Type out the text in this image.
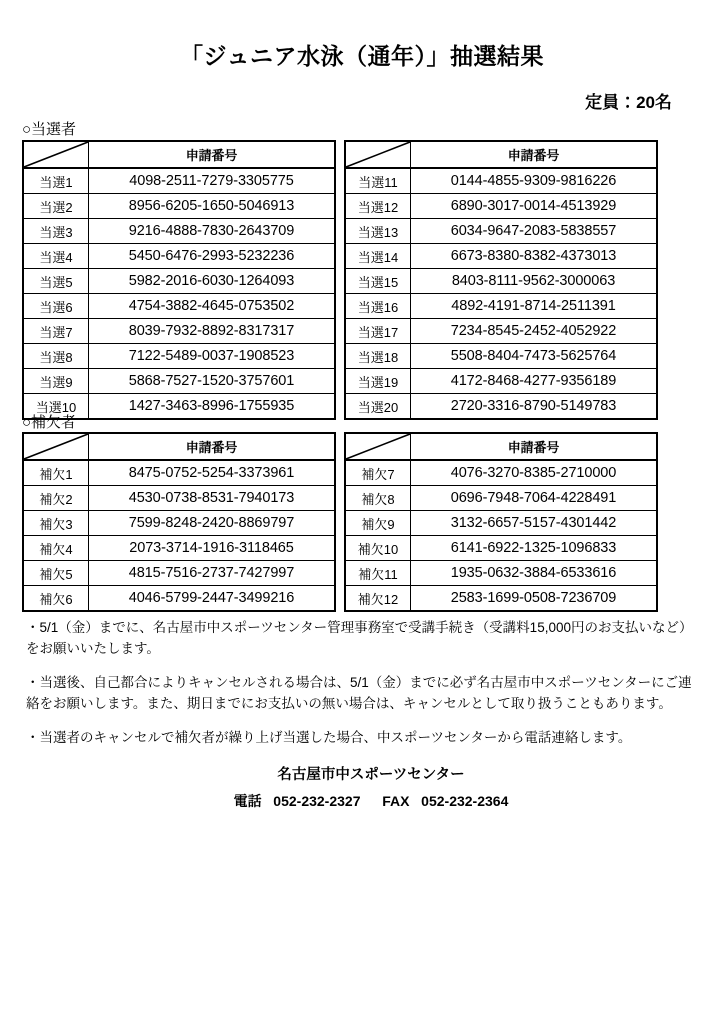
「ジュニア水泳（通年）」抽選結果
定員：20名
○当選者
	申請番号
当選1	4098-2511-7279-3305775
当選2	8956-6205-1650-5046913
当選3	9216-4888-7830-2643709
当選4	5450-6476-2993-5232236
当選5	5982-2016-6030-1264093
当選6	4754-3882-4645-0753502
当選7	8039-7932-8892-8317317
当選8	7122-5489-0037-1908523
当選9	5868-7527-1520-3757601
当選10	1427-3463-8996-1755935
	申請番号
当選11	0144-4855-9309-9816226
当選12	6890-3017-0014-4513929
当選13	6034-9647-2083-5838557
当選14	6673-8380-8382-4373013
当選15	8403-8111-9562-3000063
当選16	4892-4191-8714-2511391
当選17	7234-8545-2452-4052922
当選18	5508-8404-7473-5625764
当選19	4172-8468-4277-9356189
当選20	2720-3316-8790-5149783
○補欠者
	申請番号
補欠1	8475-0752-5254-3373961
補欠2	4530-0738-8531-7940173
補欠3	7599-8248-2420-8869797
補欠4	2073-3714-1916-3118465
補欠5	4815-7516-2737-7427997
補欠6	4046-5799-2447-3499216
	申請番号
補欠7	4076-3270-8385-2710000
補欠8	0696-7948-7064-4228491
補欠9	3132-6657-5157-4301442
補欠10	6141-6922-1325-1096833
補欠11	1935-0632-3884-6533616
補欠12	2583-1699-0508-7236709

・5/1（金）までに、名古屋市中スポーツセンター管理事務室で受講手続き（受講料15,000円のお支払いなど）をお願いいたします。

・当選後、自己都合によりキャンセルされる場合は、5/1（金）までに必ず名古屋市中スポーツセンターにご連絡をお願いします。また、期日までにお支払いの無い場合は、キャンセルとして取り扱うこともあります。

・当選者のキャンセルで補欠者が繰り上げ当選した場合、中スポーツセンターから電話連絡します。

名古屋市中スポーツセンター

電話 052-232-2327 FAX 052-232-2364
